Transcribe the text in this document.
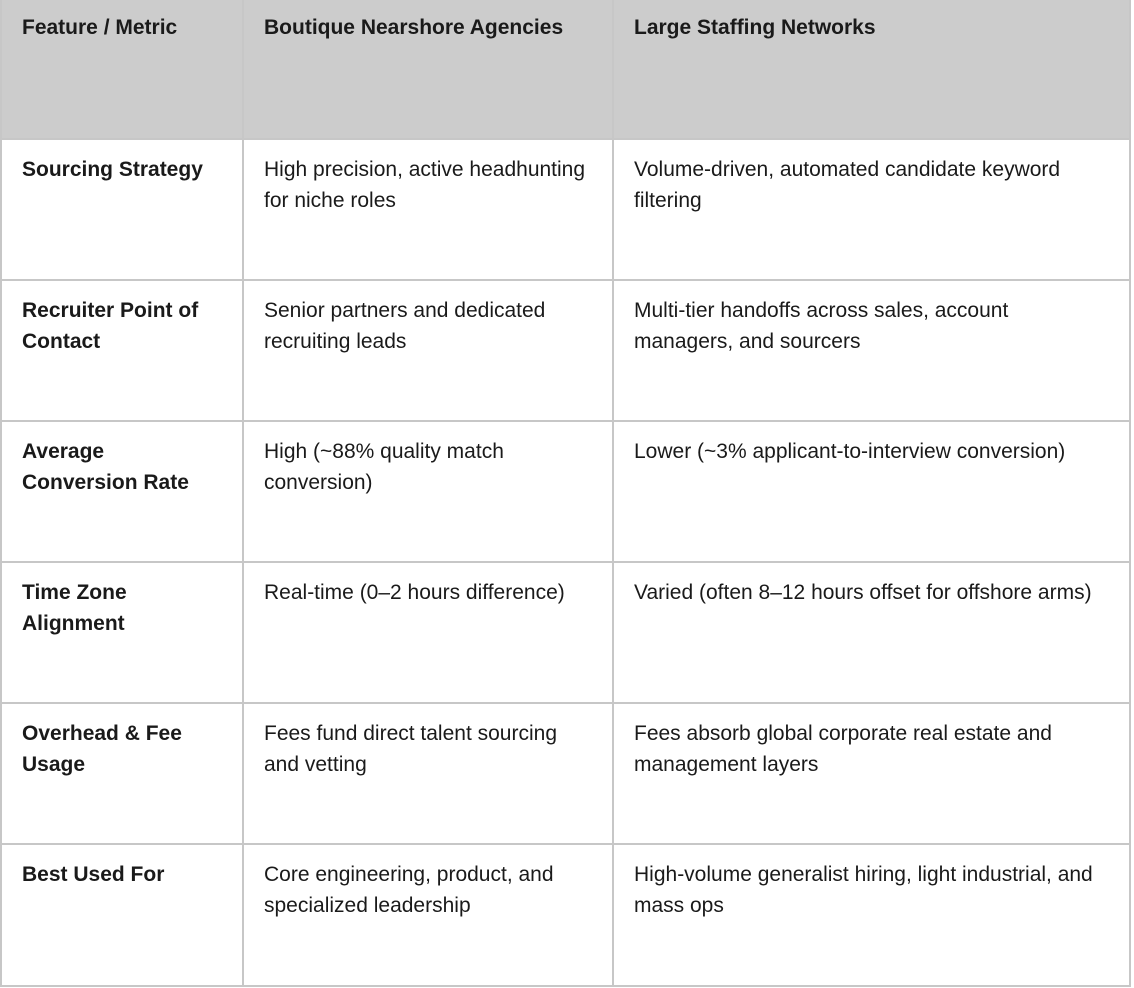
Feature / Metric	Boutique Nearshore Agencies	Large Staffing Networks
Sourcing Strategy	High precision, active headhunting for niche roles	Volume-driven, automated candidate keyword filtering
Recruiter Point of Contact	Senior partners and dedicated recruiting leads	Multi-tier handoffs across sales, account managers, and sourcers
Average Conversion Rate	High (~88% quality match conversion)	Lower (~3% applicant-to-interview conversion)
Time Zone Alignment	Real-time (0–2 hours difference)	Varied (often 8–12 hours offset for offshore arms)
Overhead & Fee Usage	Fees fund direct talent sourcing and vetting	Fees absorb global corporate real estate and management layers
Best Used For	Core engineering, product, and specialized leadership	High-volume generalist hiring, light industrial, and mass ops
